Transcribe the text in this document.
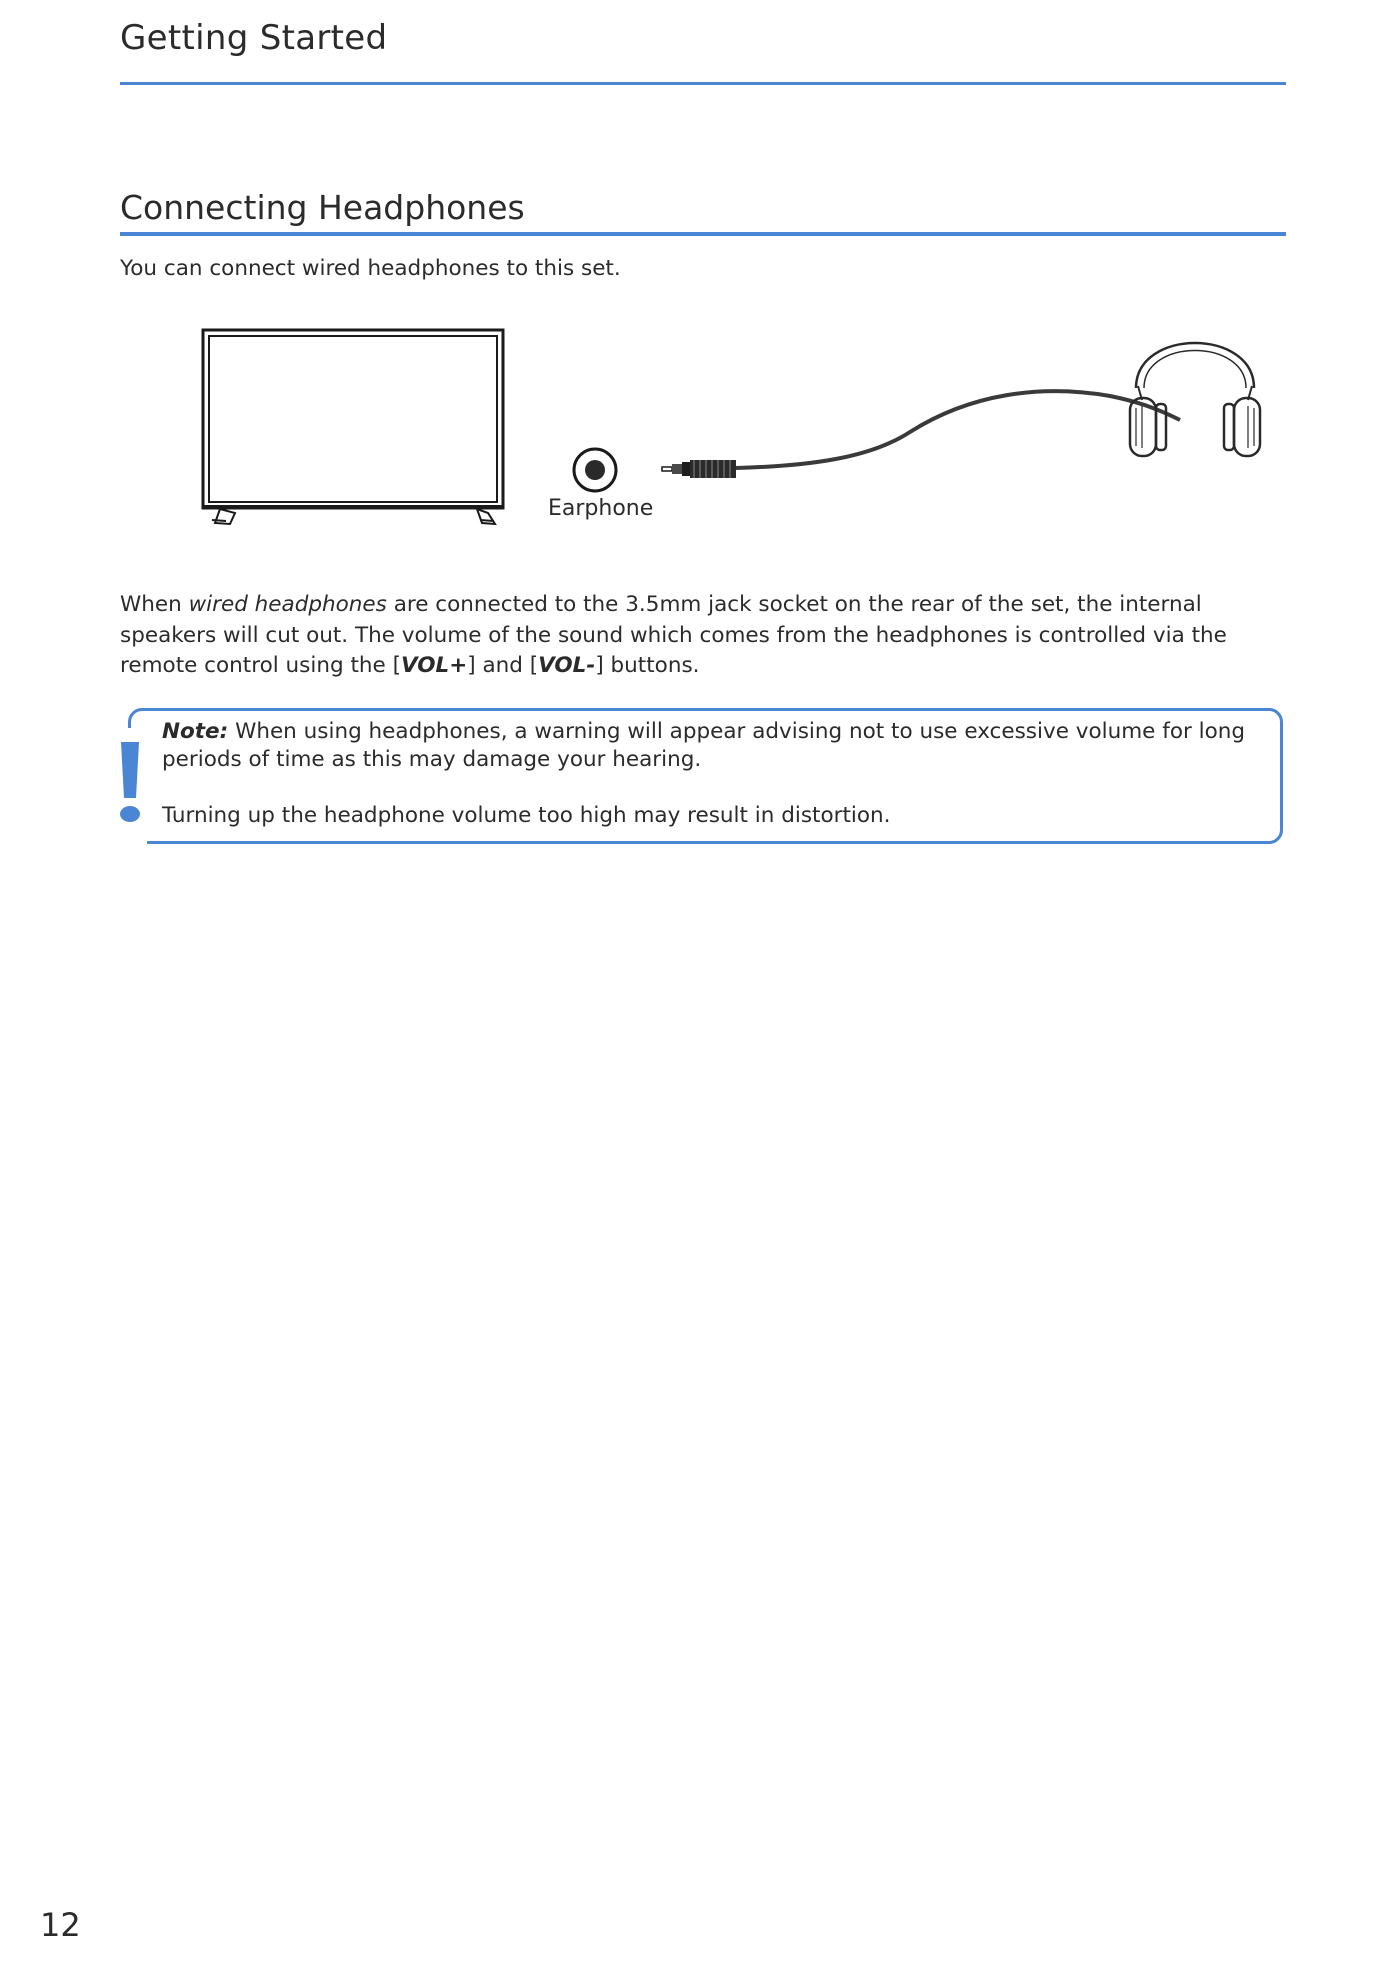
Getting Started
Connecting Headphones
You can connect wired headphones to this set.
Earphone
When wired headphones are connected to the 3.5mm jack socket on the rear of the set, the internal speakers will cut out. The volume of the sound which comes from the headphones is controlled via the remote control using the [VOL+] and [VOL-] buttons.

Note: When using headphones, a warning will appear advising not to use excessive volume for long periods of time as this may damage your hearing.

Turning up the headphone volume too high may result in distortion.

12
